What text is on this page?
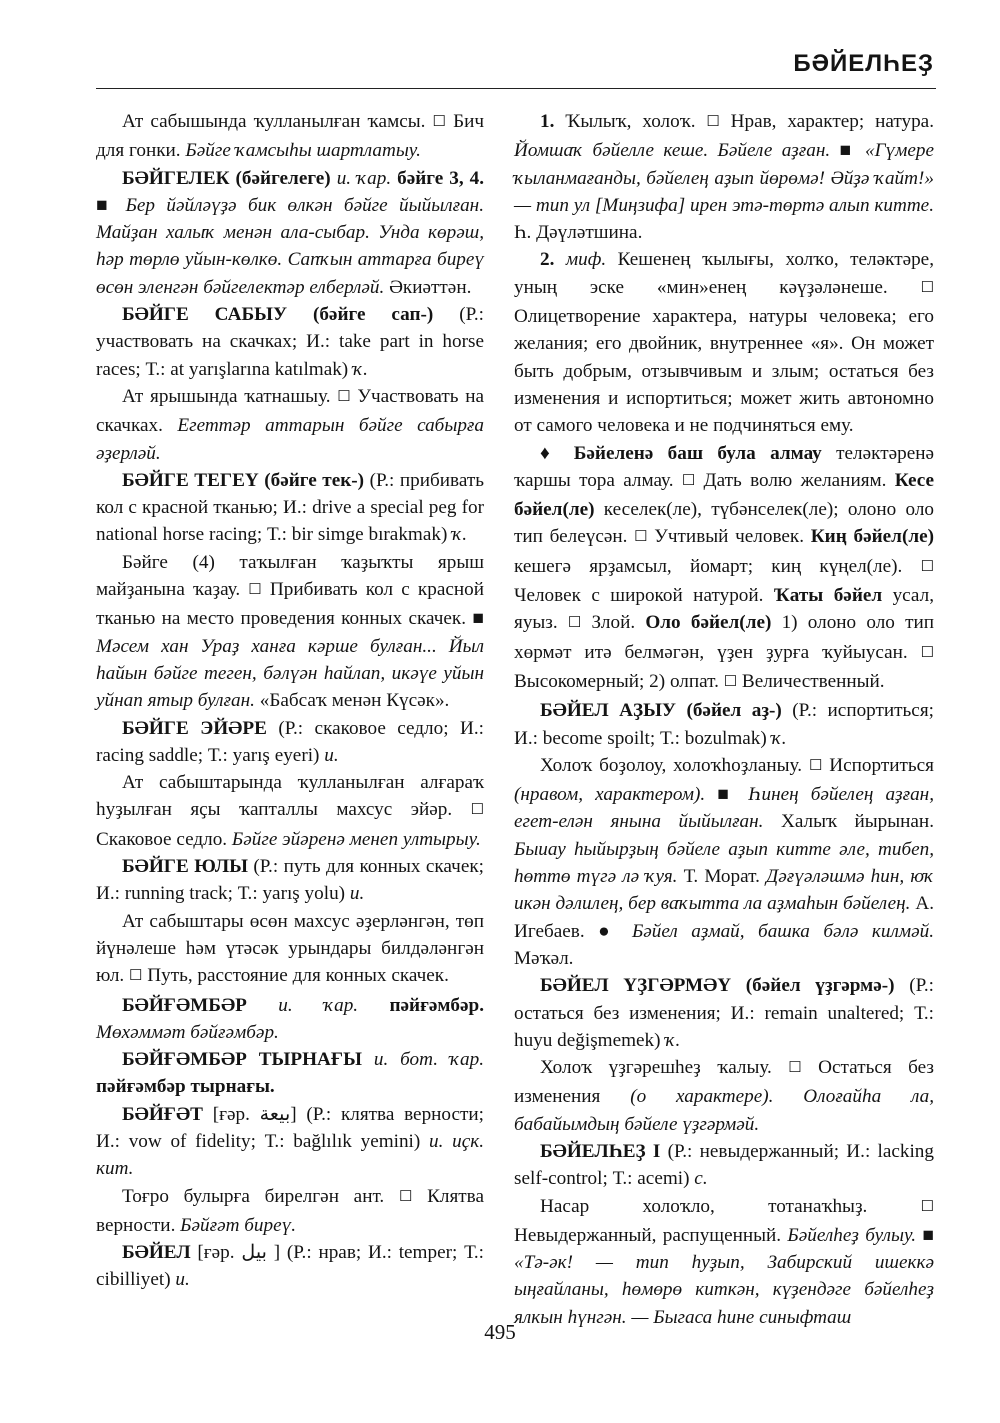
БӘЙЕЛҺЕҘ

Ат сабышында ҡулланылған ҡамсы. ☐ Бич для гонки. Бәйге ҡамсыһы шартлатыу.

БӘЙГЕЛЕК (бәйгелеге) и. ҡар. бәйге 3, 4. ■ Бер йәйләүҙә бик өлкән бәйге йыйылған. Майҙан халыҡ менән ала-сыбар. Унда көрәш, һәр төрлө уйын-көлкө. Сапҡын аттарға биреү өсөн эленгән бәйгелектәр елберләй. Әкиәттән.

БӘЙГЕ САБЫУ (бәйге сап-) (Р.: участвовать на скачках; И.: take part in horse races; Т.: at yarışlarına katılmak) ҡ.

Ат ярышында ҡатнашыу. ☐ Участвовать на скачках. Егеттәр аттарын бәйге сабырға әҙерләй.

БӘЙГЕ ТЕГЕҮ (бәйге тек-) (Р.: прибивать кол с красной тканью; И.: drive a special peg for national horse racing; Т.: bir simge bırakmak) ҡ.

Бәйге (4) таҡылған ҡаҙыҡты ярыш майҙанына ҡаҙау. ☐ Прибивать кол с красной тканью на место проведения конных скачек. ■ Мәсем хан Ураҙ ханға кәрше булған... Йыл һайын бәйге теген, бәлүән һайлап, икәүе уйын уйнап ятыр булған. «Бабсаҡ менән Күсәк».

БӘЙГЕ ЭЙӘРЕ (Р.: скаковое седло; И.: racing saddle; Т.: yarış eyeri) и.

Ат сабыштарында ҡулланылған алғараҡ һуҙылған яҫы ҡапталлы махсус эйәр. ☐ Скаковое седло. Бәйге эйәренә менеп ултырыу.

БӘЙГЕ ЮЛЫ (Р.: путь для конных скачек; И.: running track; Т.: yarış yolu) и.

Ат сабыштары өсөн махсус әҙерләнгән, төп йүнәлеше һәм үтәсәк урындары билдәләнгән юл. ☐ Путь, расстояние для конных скачек.

БӘЙҒӘМБӘР и. ҡар. пәйғәмбәр. Мөхәммәт бәйғәмбәр.

БӘЙҒӘМБӘР ТЫРНАҒЫ и. бот. ҡар. пәйғәмбәр тырнағы.

БӘЙҒӘТ [ғәр. بيعة] (Р.: клятва верности; И.: vow of fidelity; Т.: bağlılık yemini) и. иҫк. кит.

Тоғро булырға бирелгән ант. ☐ Клятва верности. Бәйғәт биреү.

БӘЙЕЛ [ғәр. بيل ] (Р.: нрав; И.: temper; Т.: cibilliyet) и.

1. Ҡылыҡ, холоҡ. ☐ Нрав, характер; натура. Йомшаҡ бәйелле кеше. Бәйеле аҙған. ■ «Гүмере ҡыланмағанды, бәйелең аҙып йөрөмә! Әйҙә ҡайт!» — тип ул [Миңзифа] ирен этә-төртә алып китте. Һ. Дәүләтшина.

2. миф. Кешенең ҡылығы, холҡо, теләктәре, уның эске «мин»енең кәүҙәләнеше. ☐ Олицетворение характера, натуры человека; его желания; его двойник, внутреннее «я». Он может быть добрым, отзывчивым и злым; остаться без изменения и испортиться; может жить автономно от самого человека и не подчиняться ему.

♦ Бәйеленә баш була алмау теләктәренә ҡаршы тора алмау. ☐ Дать волю желаниям. Кесе бәйел(ле) кеселек(ле), түбәнселек(ле); олоно оло тип белеүсән. ☐ Учтивый человек. Киң бәйел(ле) кешегә ярҙамсыл, йомарт; киң күңел(ле). ☐ Человек с широкой натурой. Ҡаты бәйел усал, яуыз. ☐ Злой. Оло бәйел(ле) 1) олоно оло тип хөрмәт итә белмәгән, үҙен ҙурға ҡуйыусан. ☐ Высокомерный; 2) олпат. ☐ Величественный.

БӘЙЕЛ АҘЫУ (бәйел аҙ-) (Р.: испортиться; И.: become spoilt; Т.: bozulmak) ҡ.

Холоҡ боҙолоу, холоҡһоҙланыу. ☐ Испортиться (нравом, характером). ■ Һинең бәйелең аҙған, егет-елән янына йыйылған. Халыҡ йырынан. Быиау һыйырҙың бәйеле аҙып китте әле, тибеп, һөттө түгә лә ҡуя. Т. Морат. Дәғүәләшмә һин, юҡ икән дәлилең, бер ваҡытта ла аҙмаһын бәйелең. А. Игебаев. ● Бәйел аҙмай, башка бәлә килмәй. Мәҡәл.

БӘЙЕЛ ҮҘГӘРМӘҮ (бәйел үҙгәрмә-) (Р.: остаться без изменения; И.: remain unaltered; Т.: huyu değişmemek) ҡ.

Холоҡ үҙгәрешһеҙ ҡалыу. ☐ Остаться без изменения (о характере). Олоғайһа ла, бабайымдың бәйеле үҙгәрмәй.

БӘЙЕЛҺЕҘ I (Р.: невыдержанный; И.: lacking self-control; Т.: acemi) с.

Насар холоҡло, тотанаҡһыҙ. ☐ Невыдержанный, распущенный. Бәйелһеҙ булыу. ■ «Тә-әк! — тип һуҙып, Забирский ишеккә ыңғайланы, һөмөрө киткән, күҙендәге бәйелһеҙ ялкын һүнгән. — Быгаса һине синыфташ

495
